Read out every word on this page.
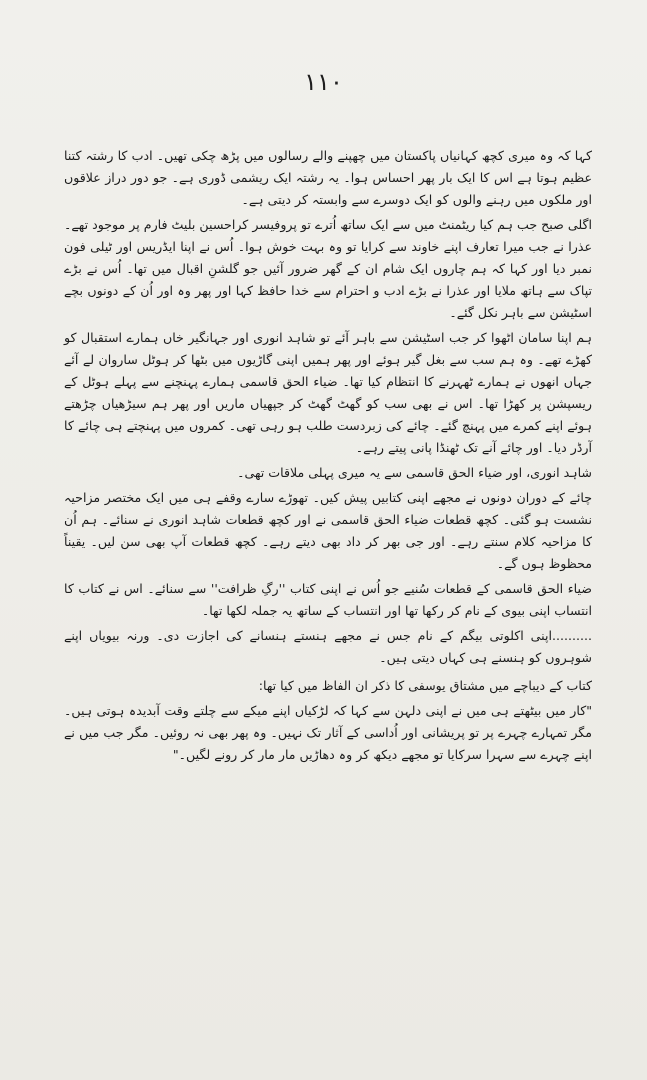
۱۱۰

کہا کہ وہ میری کچھ کہانیاں پاکستان میں چھپنے والے رسالوں میں پڑھ چکی تھیں۔ ادب کا رشتہ کتنا عظیم ہوتا ہے اس کا ایک بار پھر احساس ہوا۔ یہ رشتہ ایک ریشمی ڈوری ہے۔ جو دور دراز علاقوں اور ملکوں میں رہنے والوں کو ایک دوسرے سے وابستہ کر دیتی ہے۔

اگلی صبح جب ہم کیا ریٹمنٹ میں سے ایک ساتھ اُترے تو پروفیسر کراحسین بلیٹ فارم پر موجود تھے۔ عذرا نے جب میرا تعارف اپنے خاوند سے کرایا تو وہ بہت خوش ہوا۔ اُس نے اپنا ایڈریس اور ٹیلی فون نمبر دیا اور کہا کہ ہم چاروں ایک شام ان کے گھر ضرور آئیں جو گلشنِ اقبال میں تھا۔ اُس نے بڑے تپاک سے ہاتھ ملایا اور عذرا نے بڑے ادب و احترام سے خدا حافظ کہا اور پھر وہ اور اُن کے دونوں بچے اسٹیشن سے باہر نکل گئے۔

ہم اپنا سامان اٹھوا کر جب اسٹیشن سے باہر آئے تو شاہد انوری اور جہانگیر خاں ہمارے استقبال کو کھڑے تھے۔ وہ ہم سب سے بغل گیر ہوئے اور پھر ہمیں اپنی گاڑیوں میں بٹھا کر ہوٹل ساروان لے آئے جہاں انھوں نے ہمارے ٹھہرنے کا انتظام کیا تھا۔ ضیاء الحق قاسمی ہمارے پہنچنے سے پہلے ہوٹل کے ریسپشن پر کھڑا تھا۔ اس نے بھی سب کو گھٹ گھٹ کر جپھیاں ماریں اور پھر ہم سیڑھیاں چڑھتے ہوئے اپنے کمرے میں پہنچ گئے۔ چائے کی زبردست طلب ہو رہی تھی۔ کمروں میں پہنچتے ہی چائے کا آرڈر دیا۔ اور چائے آنے تک ٹھنڈا پانی پیتے رہے۔

شاہد انوری، اور ضیاء الحق قاسمی سے یہ میری پہلی ملاقات تھی۔

چائے کے دوران دونوں نے مجھے اپنی کتابیں پیش کیں۔ تھوڑے سارے وقفے ہی میں ایک مختصر مزاحیہ نشست ہو گئی۔ کچھ قطعات ضیاء الحق قاسمی نے اور کچھ قطعات شاہد انوری نے سنائے۔ ہم اُن کا مزاحیہ کلام سنتے رہے۔ اور جی بھر کر داد بھی دیتے رہے۔ کچھ قطعات آپ بھی سن لیں۔ یقیناً محظوظ ہوں گے۔

ضیاء الحق قاسمی کے قطعات سُنیے جو اُس نے اپنی کتاب ''رگِ ظرافت'' سے سنائے۔ اس نے کتاب کا انتساب اپنی بیوی کے نام کر رکھا تھا اور انتساب کے ساتھ یہ جملہ لکھا تھا۔

..........اپنی اکلوتی بیگم کے نام جس نے مجھے ہنستے ہنسانے کی اجازت دی۔ ورنہ بیویاں اپنے شوہروں کو ہنسنے ہی کہاں دیتی ہیں۔

کتاب کے دیباچے میں مشتاق یوسفی کا ذکر ان الفاظ میں کیا تھا:

"کار میں بیٹھتے ہی میں نے اپنی دلہن سے کہا کہ لڑکیاں اپنے میکے سے چلتے وقت آبدیدہ ہوتی ہیں۔ مگر تمہارے چہرے پر تو پریشانی اور اُداسی کے آثار تک نہیں۔ وہ پھر بھی نہ روئیں۔ مگر جب میں نے اپنے چہرے سے سہرا سرکایا تو مجھے دیکھ کر وہ دھاڑیں مار مار کر رونے لگیں۔"
